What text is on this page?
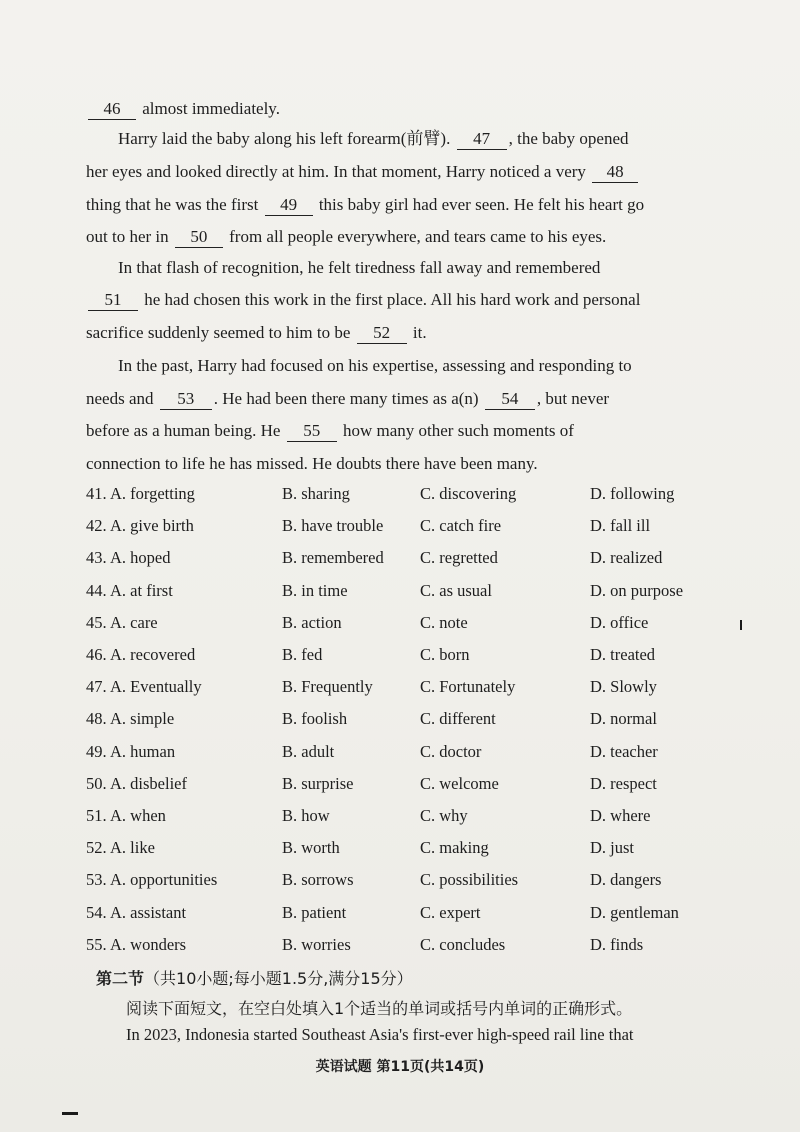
46 almost immediately.
Harry laid the baby along his left forearm(前臂). 47 , the baby opened
her eyes and looked directly at him. In that moment, Harry noticed a very 48
thing that he was the first 49 this baby girl had ever seen. He felt his heart go
out to her in 50 from all people everywhere, and tears came to his eyes.
In that flash of recognition, he felt tiredness fall away and remembered
51 he had chosen this work in the first place. All his hard work and personal
sacrifice suddenly seemed to him to be 52 it.
In the past, Harry had focused on his expertise, assessing and responding to
needs and 53 . He had been there many times as a(n) 54 , but never
before as a human being. He 55 how many other such moments of
connection to life he has missed. He doubts there have been many.
41. A. forgetting	B. sharing	C. discovering	D. following
42. A. give birth	B. have trouble C. catch fire	D. fall ill
43. A. hoped	B. remembered C. regretted	D. realized
44. A. at first	B. in time	C. as usual	D. on purpose
45. A. care	B. action	C. note	D. office
46. A. recovered	B. fed	C. born	D. treated
47. A. Eventually	B. Frequently	C. Fortunately	D. Slowly
48. A. simple	B. foolish	C. different	D. normal
49. A. human	B. adult	C. doctor	D. teacher
50. A. disbelief	B. surprise	C. welcome	D. respect
51. A. when	B. how	C. why	D. where
52. A. like	B. worth	C. making	D. just
53. A. opportunities	B. sorrows	C. possibilities	D. dangers
54. A. assistant	B. patient	C. expert	D. gentleman
55. A. wonders	B. worries	C. concludes	D. finds
第二节（共10小题;每小题1.5分,满分15分）
阅读下面短文，在空白处填入1个适当的单词或括号内单词的正确形式。
In 2023, Indonesia started Southeast Asia's first-ever high-speed rail line that
英语试题 第11页(共14页)
